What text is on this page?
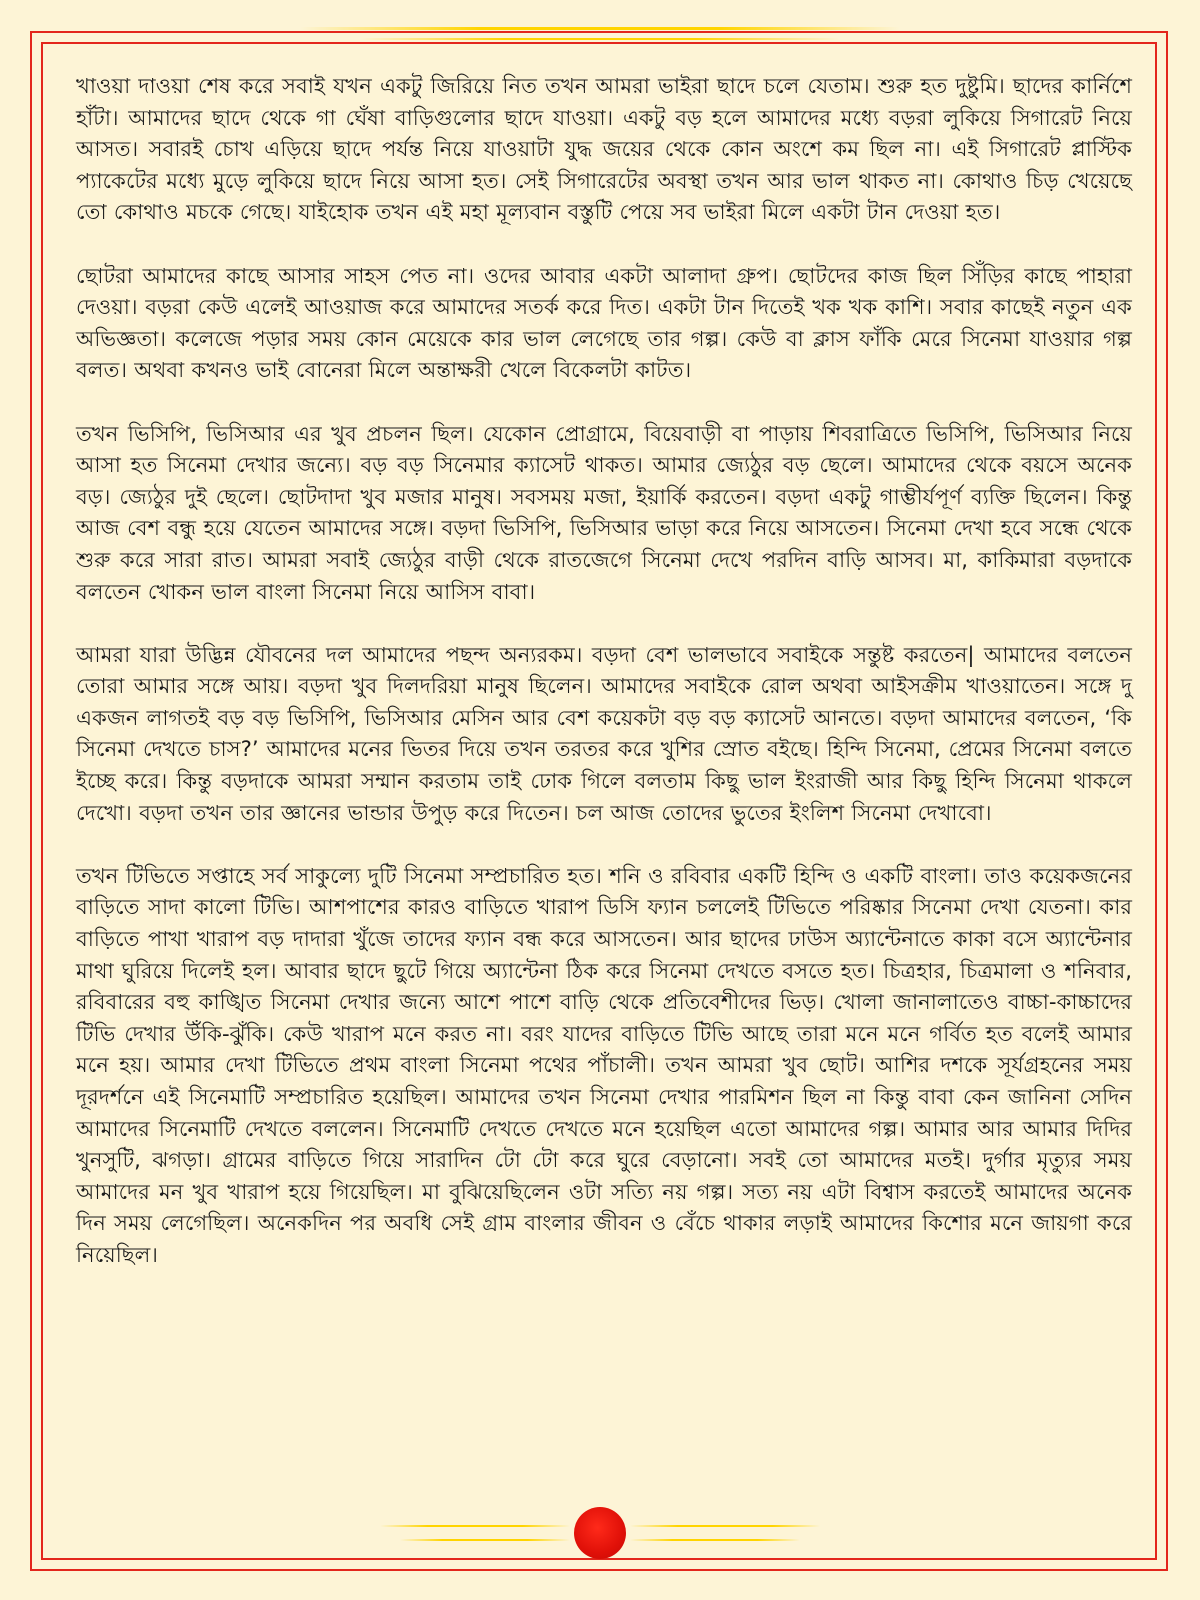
খাওয়া দাওয়া শেষ করে সবাই যখন একটু জিরিয়ে নিত তখন আমরা ভাইরা ছাদে চলে যেতাম। শুরু হত দুষ্টুমি। ছাদের কার্নিশে হাঁটা। আমাদের ছাদে থেকে গা ঘেঁষা বাড়িগুলোর ছাদে যাওয়া। একটু বড় হলে আমাদের মধ্যে বড়রা লুকিয়ে সিগারেট নিয়ে আসত। সবারই চোখ এড়িয়ে ছাদে পর্যন্ত নিয়ে যাওয়াটা যুদ্ধ জয়ের থেকে কোন অংশে কম ছিল না। এই সিগারেট প্লাস্টিক প্যাকেটের মধ্যে মুড়ে লুকিয়ে ছাদে নিয়ে আসা হত। সেই সিগারেটের অবস্থা তখন আর ভাল থাকত না। কোথাও চিড় খেয়েছে তো কোথাও মচকে গেছে। যাইহোক তখন এই মহা মূল্যবান বস্তুটি পেয়ে সব ভাইরা মিলে একটা টান দেওয়া হত।

ছোটরা আমাদের কাছে আসার সাহস পেত না। ওদের আবার একটা আলাদা গ্রুপ। ছোটদের কাজ ছিল সিঁড়ির কাছে পাহারা দেওয়া। বড়রা কেউ এলেই আওয়াজ করে আমাদের সতর্ক করে দিত। একটা টান দিতেই খক খক কাশি। সবার কাছেই নতুন এক অভিজ্ঞতা। কলেজে পড়ার সময় কোন মেয়েকে কার ভাল লেগেছে তার গল্প। কেউ বা ক্লাস ফাঁকি মেরে সিনেমা যাওয়ার গল্প বলত। অথবা কখনও ভাই বোনেরা মিলে অন্তাক্ষরী খেলে বিকেলটা কাটত।

তখন ভিসিপি, ভিসিআর এর খুব প্রচলন ছিল। যেকোন প্রোগ্রামে, বিয়েবাড়ী বা পাড়ায় শিবরাত্রিতে ভিসিপি, ভিসিআর নিয়ে আসা হত সিনেমা দেখার জন্যে। বড় বড় সিনেমার ক্যাসেট থাকত। আমার জ্যেঠুর বড় ছেলে। আমাদের থেকে বয়সে অনেক বড়। জ্যেঠুর দুই ছেলে। ছোটদাদা খুব মজার মানুষ। সবসময় মজা, ইয়ার্কি করতেন। বড়দা একটু গাম্ভীর্যপূর্ণ ব্যক্তি ছিলেন। কিন্তু আজ বেশ বন্ধু হয়ে যেতেন আমাদের সঙ্গে। বড়দা ভিসিপি, ভিসিআর ভাড়া করে নিয়ে আসতেন। সিনেমা দেখা হবে সন্ধে থেকে শুরু করে সারা রাত। আমরা সবাই জ্যেঠুর বাড়ী থেকে রাতজেগে সিনেমা দেখে পরদিন বাড়ি আসব। মা, কাকিমারা বড়দাকে বলতেন খোকন ভাল বাংলা সিনেমা নিয়ে আসিস বাবা।

আমরা যারা উদ্ভিন্ন যৌবনের দল আমাদের পছন্দ অন্যরকম। বড়দা বেশ ভালভাবে সবাইকে সন্তুষ্ট করতেন| আমাদের বলতেন তোরা আমার সঙ্গে আয়। বড়দা খুব দিলদরিয়া মানুষ ছিলেন। আমাদের সবাইকে রোল অথবা আইসক্রীম খাওয়াতেন। সঙ্গে দু একজন লাগতই বড় বড় ভিসিপি, ভিসিআর মেসিন আর বেশ কয়েকটা বড় বড় ক্যাসেট আনতে। বড়দা আমাদের বলতেন, ‘কি সিনেমা দেখতে চাস?’ আমাদের মনের ভিতর দিয়ে তখন তরতর করে খুশির স্রোত বইছে। হিন্দি সিনেমা, প্রেমের সিনেমা বলতে ইচ্ছে করে। কিন্তু বড়দাকে আমরা সম্মান করতাম তাই ঢোক গিলে বলতাম কিছু ভাল ইংরাজী আর কিছু হিন্দি সিনেমা থাকলে দেখো। বড়দা তখন তার জ্ঞানের ভান্ডার উপুড় করে দিতেন। চল আজ তোদের ভুতের ইংলিশ সিনেমা দেখাবো।

তখন টিভিতে সপ্তাহে সর্ব সাকুল্যে দুটি সিনেমা সম্প্রচারিত হত। শনি ও রবিবার একটি হিন্দি ও একটি বাংলা। তাও কয়েকজনের বাড়িতে সাদা কালো টিভি। আশপাশের কারও বাড়িতে খারাপ ডিসি ফ্যান চললেই টিভিতে পরিষ্কার সিনেমা দেখা যেতনা। কার বাড়িতে পাখা খারাপ বড় দাদারা খুঁজে তাদের ফ্যান বন্ধ করে আসতেন। আর ছাদের ঢাউস অ্যান্টেনাতে কাকা বসে অ্যান্টেনার মাথা ঘুরিয়ে দিলেই হল। আবার ছাদে ছুটে গিয়ে অ্যান্টেনা ঠিক করে সিনেমা দেখতে বসতে হত। চিত্রহার, চিত্রমালা ও শনিবার, রবিবারের বহু কাঙ্খিত সিনেমা দেখার জন্যে আশে পাশে বাড়ি থেকে প্রতিবেশীদের ভিড়। খোলা জানালাতেও বাচ্চা-কাচ্চাদের টিভি দেখার উঁকি-ঝুঁকি। কেউ খারাপ মনে করত না। বরং যাদের বাড়িতে টিভি আছে তারা মনে মনে গর্বিত হত বলেই আমার মনে হয়। আমার দেখা টিভিতে প্রথম বাংলা সিনেমা পথের পাঁচালী। তখন আমরা খুব ছোট। আশির দশকে সূর্যগ্রহনের সময় দূরদর্শনে এই সিনেমাটি সম্প্রচারিত হয়েছিল। আমাদের তখন সিনেমা দেখার পারমিশন ছিল না কিন্তু বাবা কেন জানিনা সেদিন আমাদের সিনেমাটি দেখতে বললেন। সিনেমাটি দেখতে দেখতে মনে হয়েছিল এতো আমাদের গল্প। আমার আর আমার দিদির খুনসুটি, ঝগড়া। গ্রামের বাড়িতে গিয়ে সারাদিন টো টো করে ঘুরে বেড়ানো। সবই তো আমাদের মতই। দুর্গার মৃত্যুর সময় আমাদের মন খুব খারাপ হয়ে গিয়েছিল। মা বুঝিয়েছিলেন ওটা সত্যি নয় গল্প। সত্য নয় এটা বিশ্বাস করতেই আমাদের অনেক দিন সময় লেগেছিল। অনেকদিন পর অবধি সেই গ্রাম বাংলার জীবন ও বেঁচে থাকার লড়াই আমাদের কিশোর মনে জায়গা করে নিয়েছিল।
